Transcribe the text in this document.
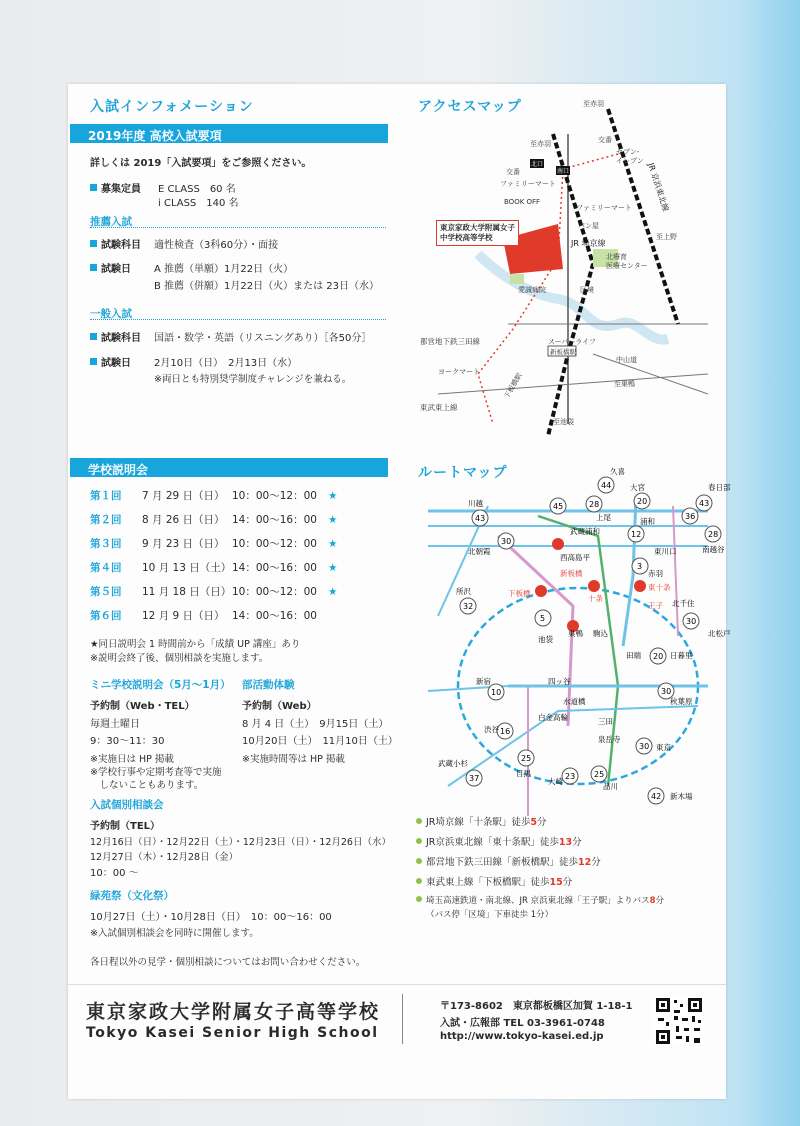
入試インフォメーション
2019年度 高校入試要項
詳しくは 2019「入試要項」をご参照ください。
募集定員 E CLASS　60 名
i CLASS　140 名
推薦入試
試験科目 適性検査（3科60分）・面接
試験日 A 推薦（単願）1月22日（火）
B 推薦（併願）1月22日（火）または 23日（水）
一般入試
試験科目 国語・数学・英語（リスニングあり）［各50分］
試験日 2月10日（日）　2月13日（水）
※両日とも特別奨学制度チャレンジを兼ねる。
学校説明会
第１回 7 月 29 日（日） 10：00〜12：00 ★
第２回 8 月 26 日（日） 14：00〜16：00 ★
第３回 9 月 23 日（日） 10：00〜12：00 ★
第４回 10 月 13 日（土）14：00〜16：00 ★
第５回 11 月 18 日（日）10：00〜12：00 ★
第６回 12 月 9 日（日） 14：00〜16：00
★同日説明会 1 時間前から「成績 UP 講座」あり
※説明会終了後、個別相談を実施します。
ミニ学校説明会（5月〜1月）
予約制（Web・TEL）
毎週土曜日
9：30〜11：30
※実施日は HP 掲載
※学校行事や定期考査等で実施
　しないこともあります。
部活動体験
予約制（Web）
8 月 4 日（土）　9月15日（土）
10月20日（土）　11月10日（土）
※実施時間等は HP 掲載
入試個別相談会
予約制（TEL）
12月16日（日）・12月22日（土）・12月23日（日）・12月26日（水）
12月27日（木）・12月28日（金）
10：00 〜
緑苑祭（文化祭）
10月27日（土）・10月28日（日）　10：00〜16：00
※入試個別相談会を同時に開催します。
各日程以外の見学・個別相談についてはお問い合わせください。
アクセスマップ	至赤羽
至赤羽	交番
セブン-
イレブン
JR 京浜東北線
交番
ファミリーマート
BOOK OFF
ファミリーマート
パン屋
JR 埼京線
北療育
医療センター
至上野
愛誠病院	区境
北口
南口
スーパーライフ
都営地下鉄三田線
新板橋駅
中山道
ヨークマート
至巣鴨
東武東上線
下板橋駅
至池袋
東京家政大学附属女子
中学校高等学校
ルートマップ
44
45	28	20
43
43
36
30
12	28
3
32
5	30
20
10	30
16
25
23 25
30
37
42
久喜
大宮
川越
春日部
浦和
南越谷
北朝霞
武蔵浦和
上尾
西高島平
赤羽
東川口
所沢
十条
東十条
王子
下板橋
新板橋
北千住
北松戸
池袋
巣鴨 駒込
田端	日暮里
新宿	四ッ谷
水道橋	秋葉原
渋谷
白金高輪	三田
泉岳寺
東京
武蔵小杉
目黒
大崎
品川
新木場
JR埼京線「十条駅」徒歩5分
JR京浜東北線「東十条駅」徒歩13分
都営地下鉄三田線「新板橋駅」徒歩12分
東武東上線「下板橋駅」徒歩15分
埼玉高速鉄道・南北線、JR 京浜東北線「王子駅」よりバス8分
（バス停「区境」下車徒歩 1分）
東京家政大学附属女子高等学校
Tokyo Kasei Senior High School
〒173-8602　東京都板橋区加賀 1-18-1
入試・広報部 TEL 03-3961-0748
http://www.tokyo-kasei.ed.jp
